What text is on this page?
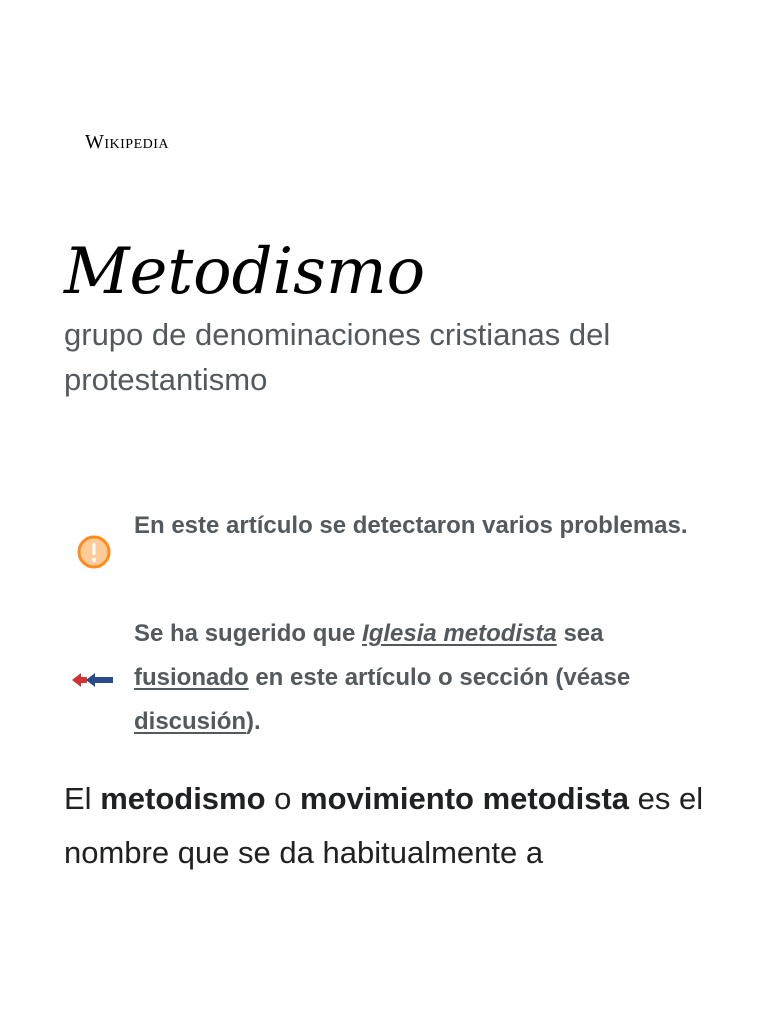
Wikipedia
Metodismo

grupo de denominaciones cristianas del protestantismo

En este artículo se detectaron varios problemas.
Se ha sugerido que Iglesia metodista sea fusionado en este artículo o sección (véase discusión).

El metodismo o movimiento metodista es el nombre que se da habitualmente a
